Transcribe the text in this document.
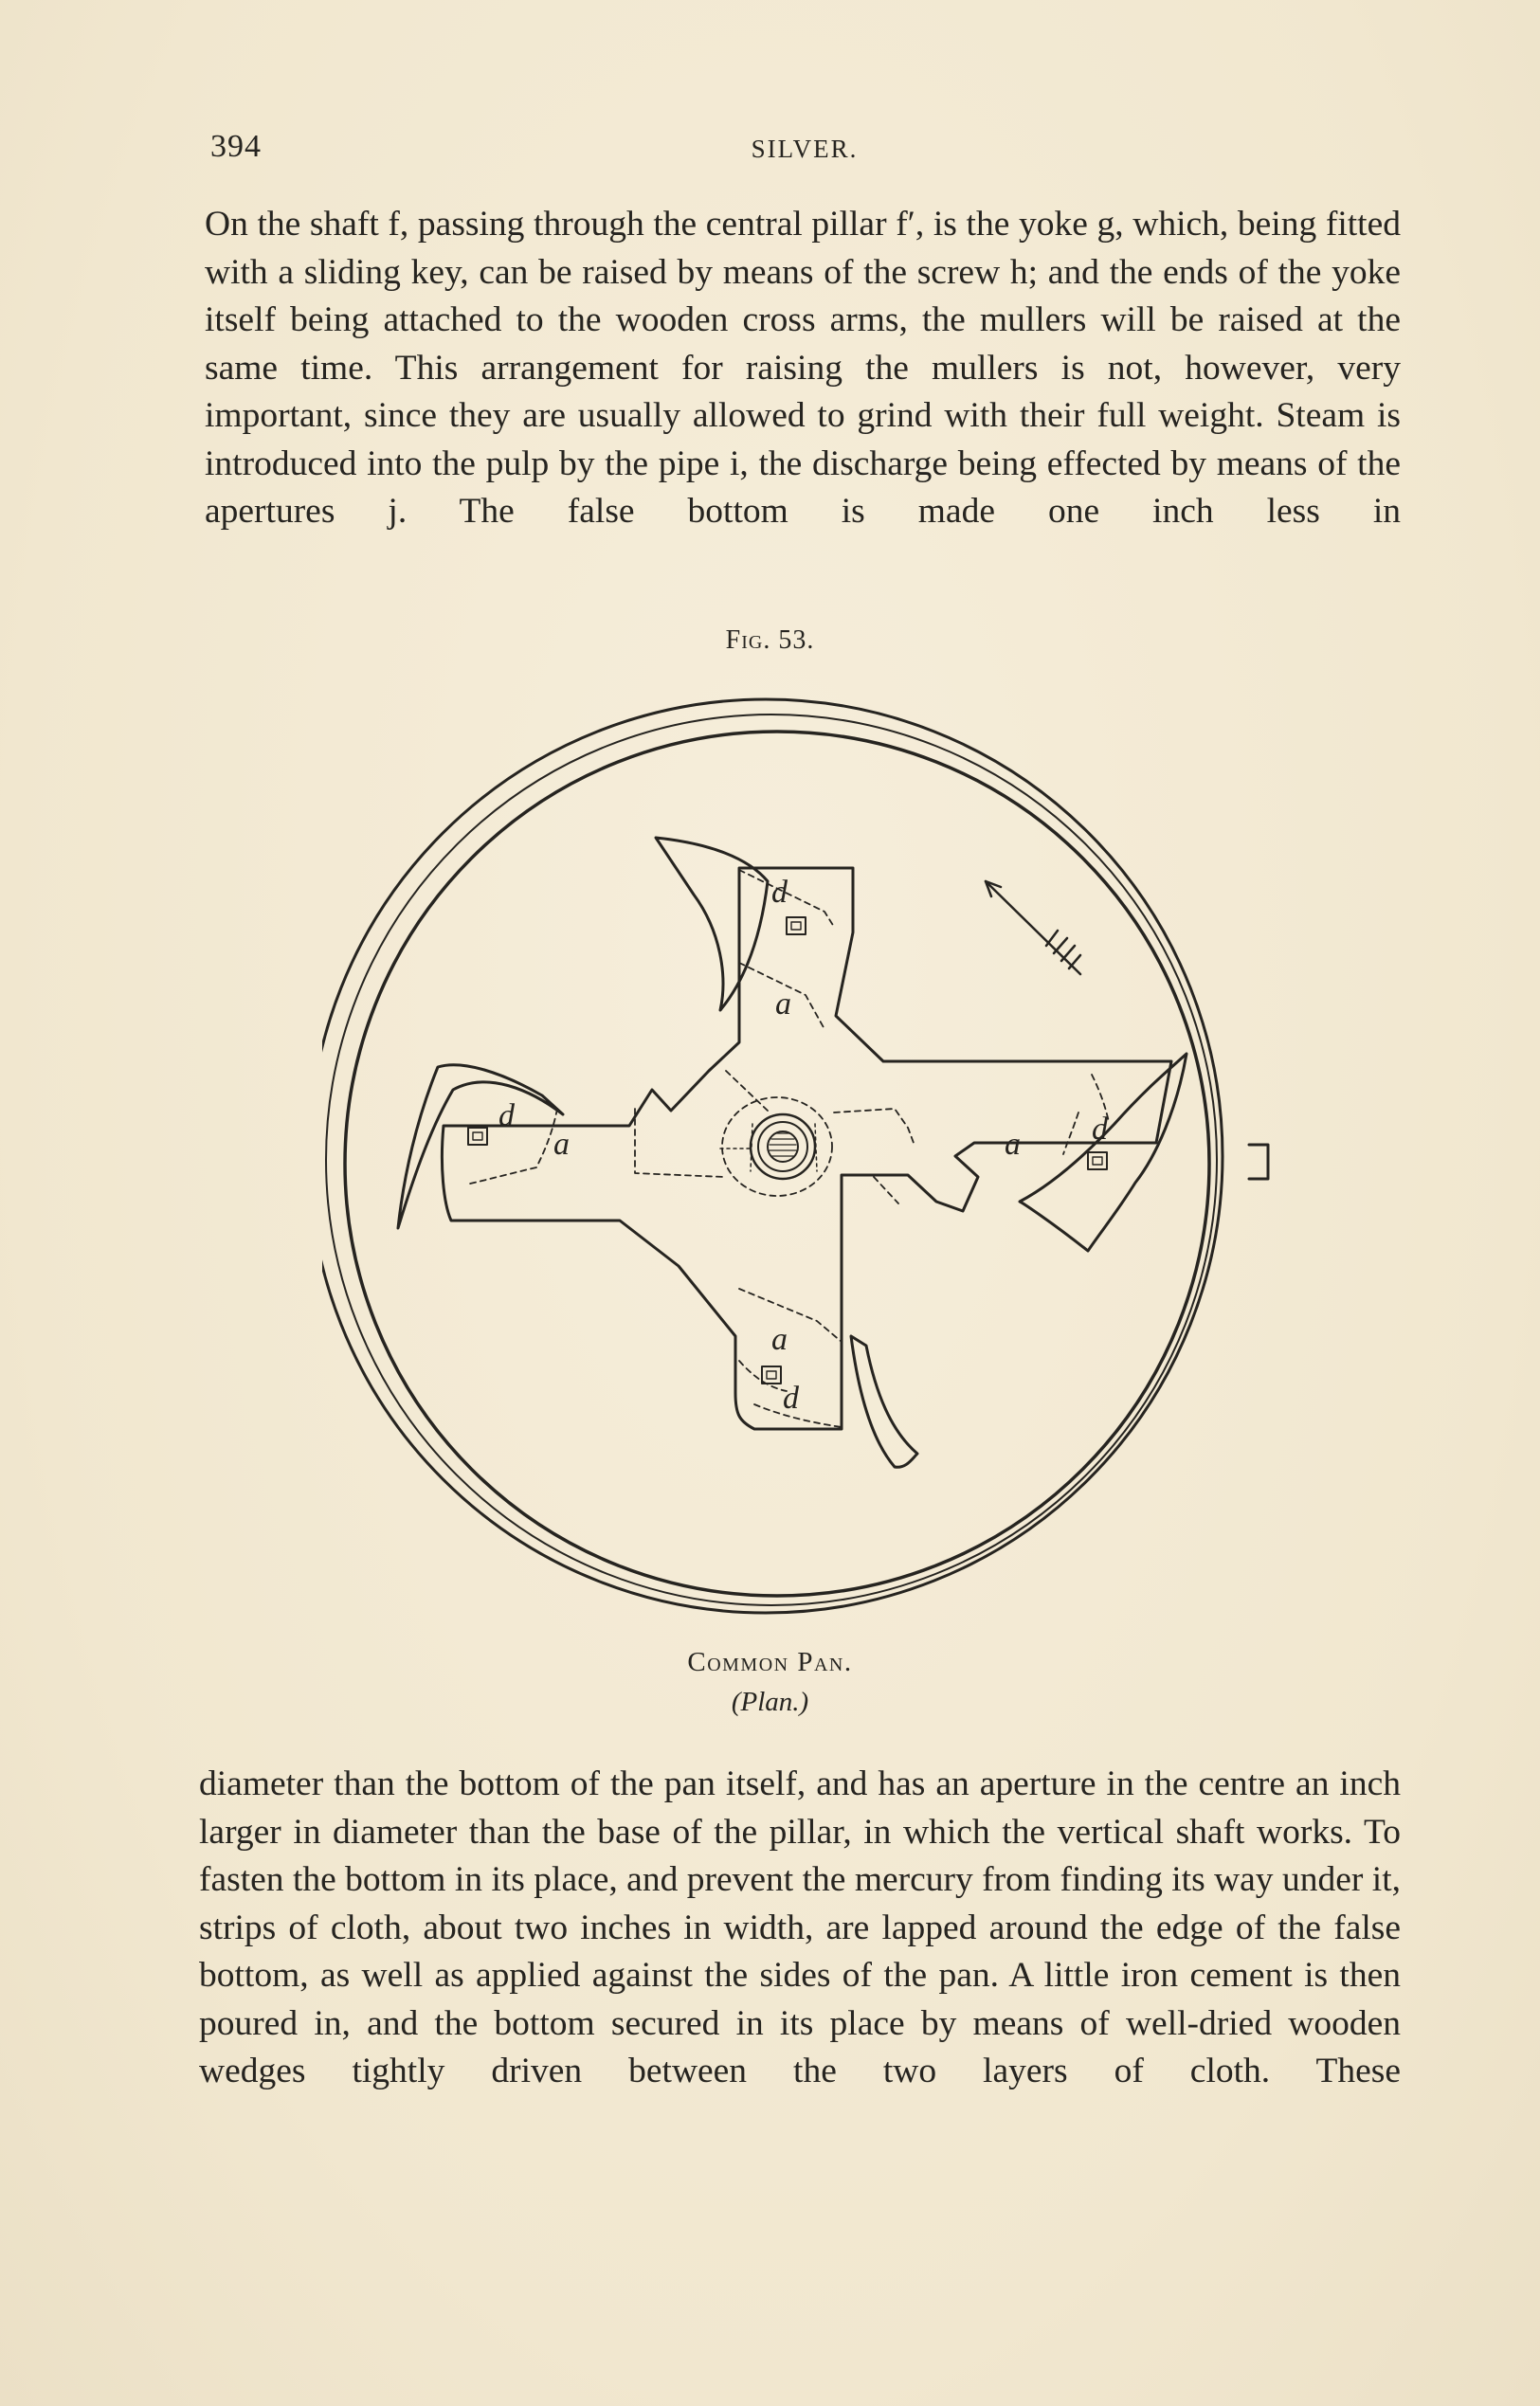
394	SILVER.

On the shaft f, passing through the central pillar f′, is the yoke g, which, being fitted with a sliding key, can be raised by means of the screw h; and the ends of the yoke itself being attached to the wooden cross arms, the mullers will be raised at the same time. This arrangement for raising the mullers is not, however, very important, since they are usually allowed to grind with their full weight. Steam is introduced into the pulp by the pipe i, the discharge being effected by means of the apertures j. The false bottom is made one inch less in

Fig. 53.
d
a
d
a	a d
a
d
Common Pan.
(Plan.)

diameter than the bottom of the pan itself, and has an aperture in the centre an inch larger in diameter than the base of the pillar, in which the vertical shaft works. To fasten the bottom in its place, and prevent the mercury from finding its way under it, strips of cloth, about two inches in width, are lapped around the edge of the false bottom, as well as applied against the sides of the pan. A little iron cement is then poured in, and the bottom secured in its place by means of well-dried wooden wedges tightly driven between the two layers of cloth. These
